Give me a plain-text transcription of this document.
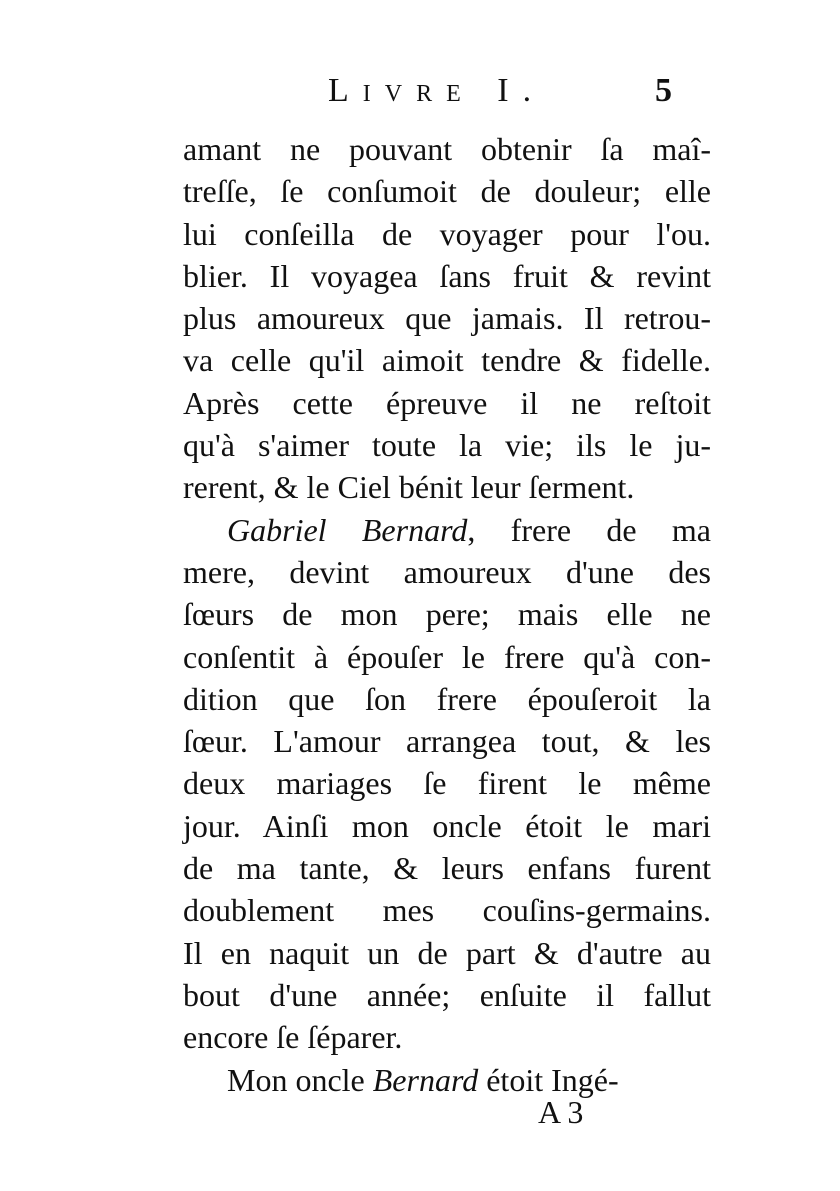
Livre I.	5
amant ne pouvant obtenir ſa maî-
treſſe, ſe conſumoit de douleur; elle
lui conſeilla de voyager pour l'ou.
blier. Il voyagea ſans fruit & revint
plus amoureux que jamais. Il retrou-
va celle qu'il aimoit tendre & fidelle.
Après cette épreuve il ne reſtoit
qu'à s'aimer toute la vie; ils le ju-
rerent, & le Ciel bénit leur ſerment.
Gabriel Bernard, frere de ma
mere, devint amoureux d'une des
ſœurs de mon pere; mais elle ne
conſentit à épouſer le frere qu'à con-
dition que ſon frere épouſeroit la
ſœur. L'amour arrangea tout, & les
deux mariages ſe firent le même
jour. Ainſi mon oncle étoit le mari
de ma tante, & leurs enfans furent
doublement mes couſins-germains.
Il en naquit un de part & d'autre au
bout d'une année; enſuite il fallut
encore ſe ſéparer.
Mon oncle Bernard étoit Ingé-
A 3
